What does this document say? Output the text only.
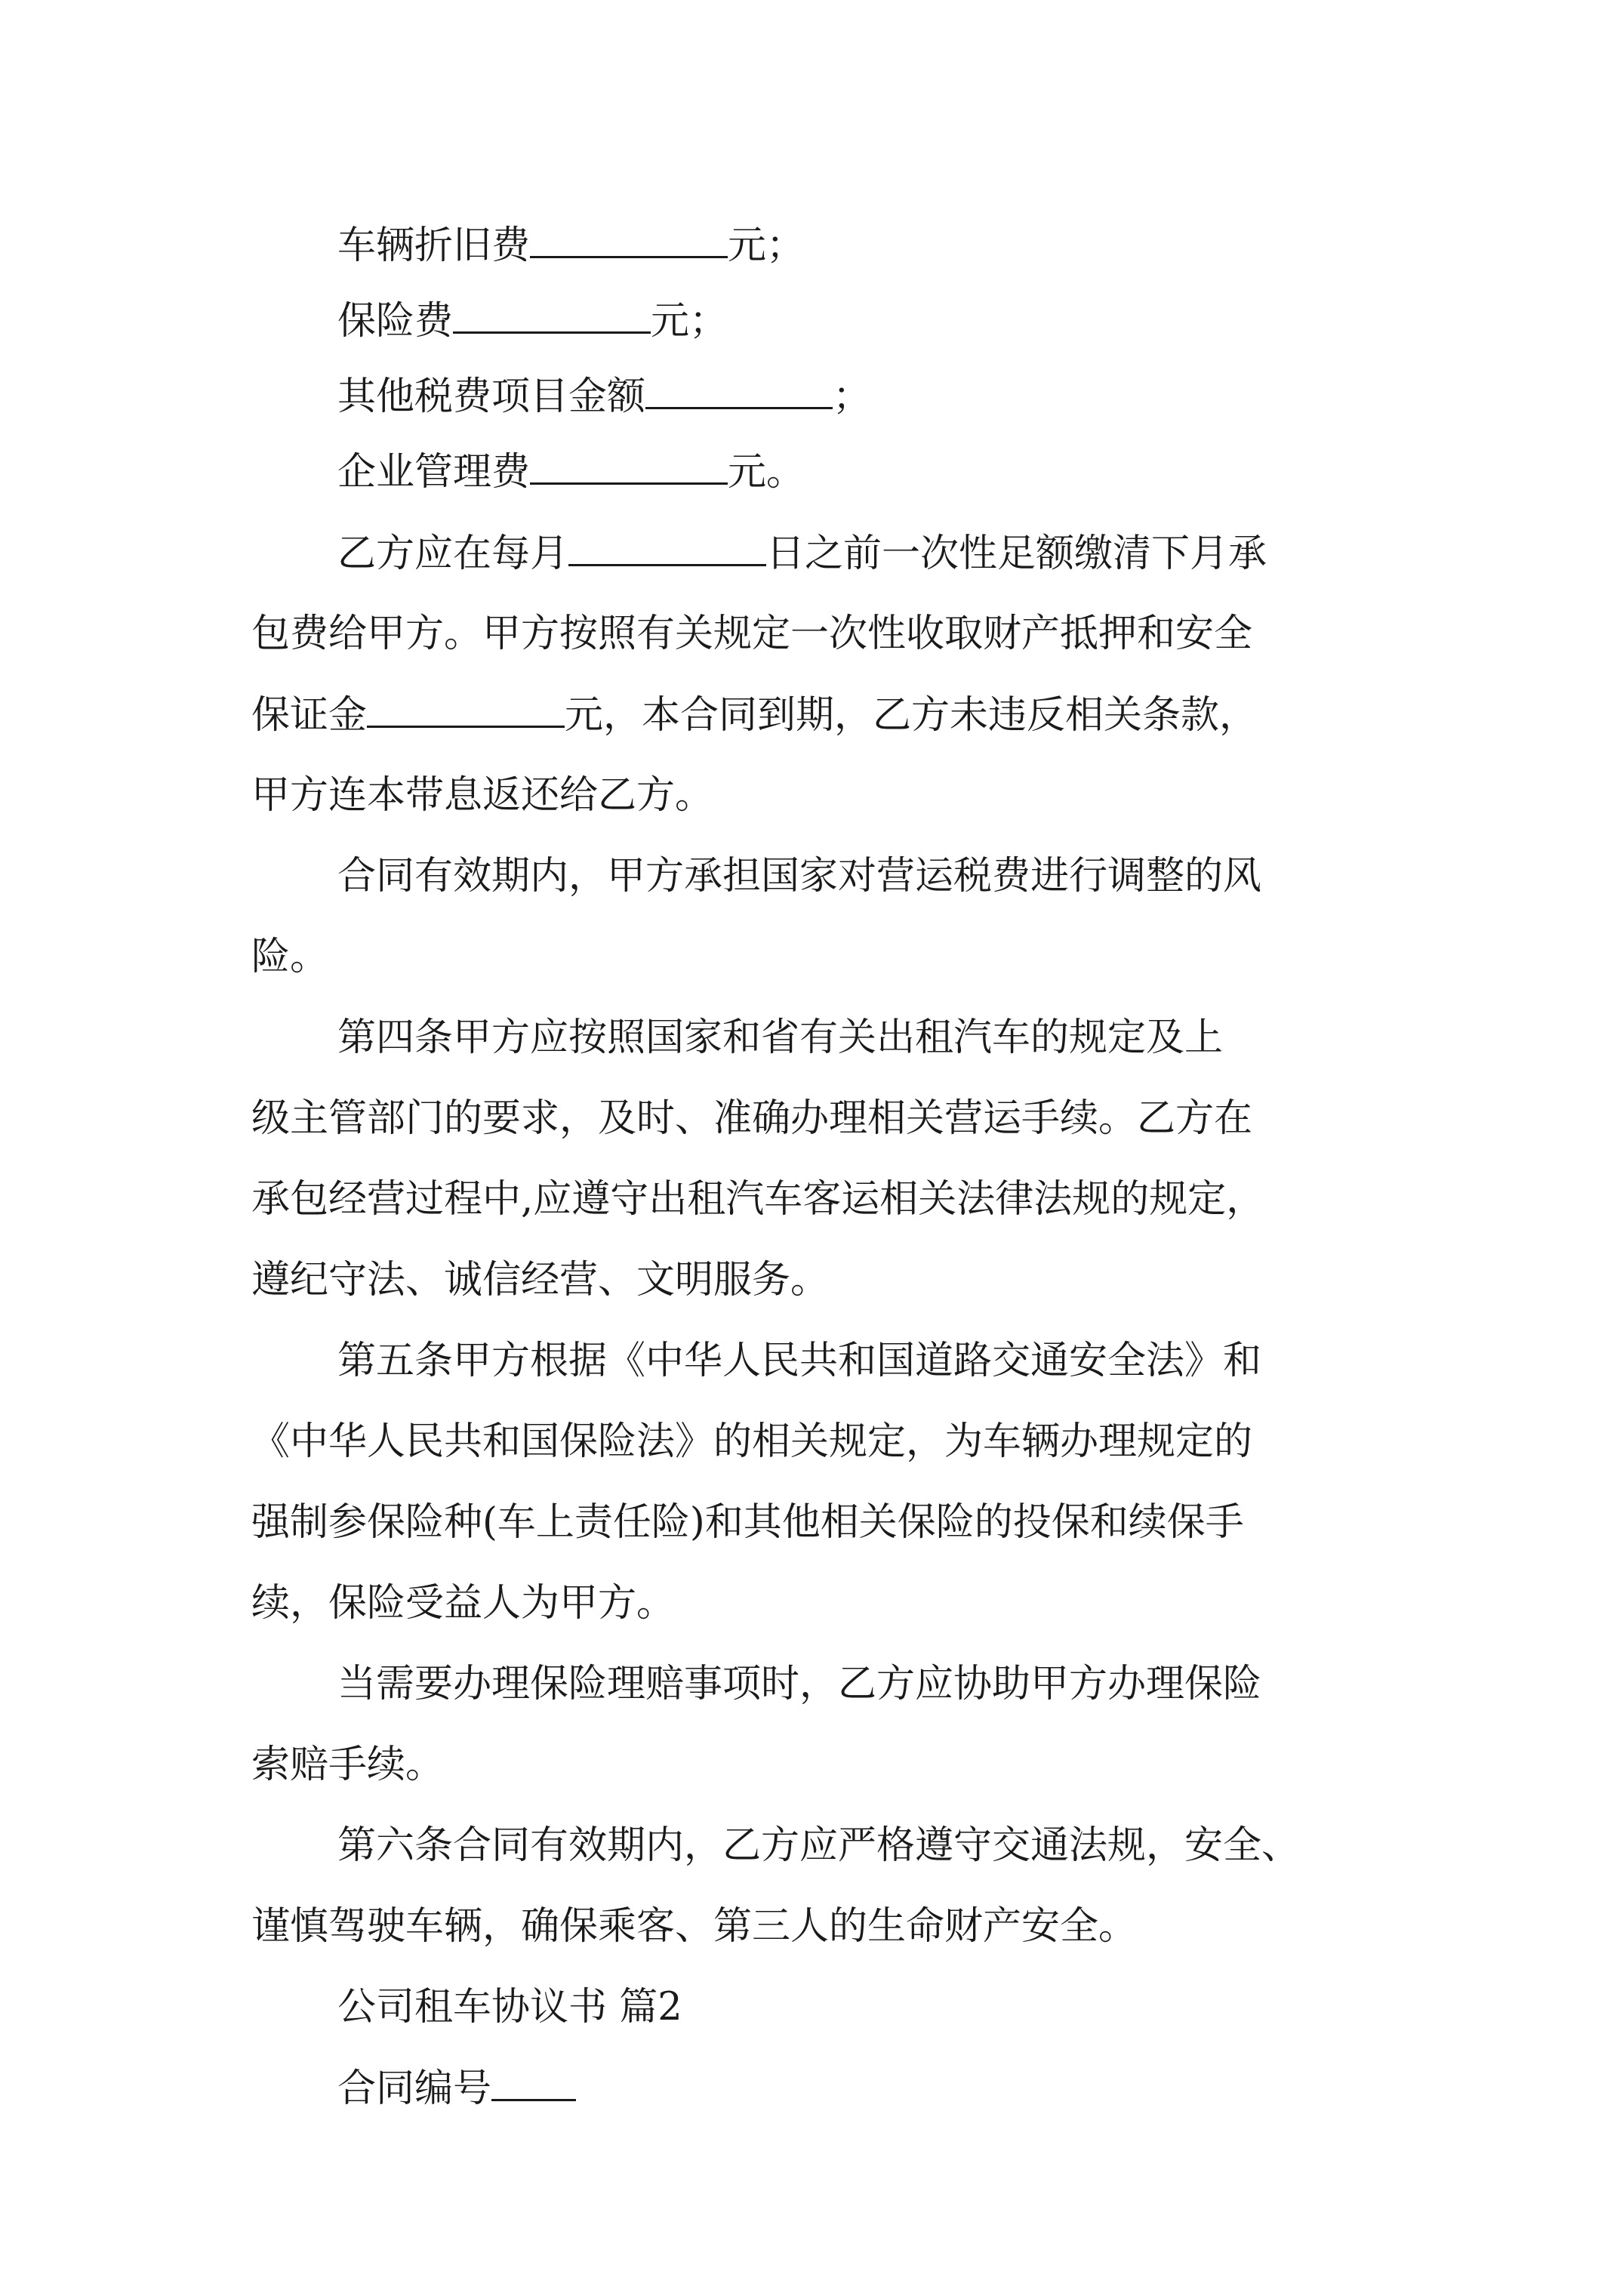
车辆折旧费	元；
保险费	元；
其他税费项目金额	；
企业管理费	元。
乙方应在每月	日之前一次性足额缴清下月承
包费给甲方。甲方按照有关规定一次性收取财产抵押和安全
保证金	元，本合同到期，乙方未违反相关条款，
甲方连本带息返还给乙方。
合同有效期内，甲方承担国家对营运税费进行调整的风
险。
第四条甲方应按照国家和省有关出租汽车的规定及上
级主管部门的要求，及时、准确办理相关营运手续。乙方在
承包经营过程中,应遵守出租汽车客运相关法律法规的规定，
遵纪守法、诚信经营、文明服务。
第五条甲方根据《中华人民共和国道路交通安全法》和
《中华人民共和国保险法》的相关规定，为车辆办理规定的
强制参保险种(车上责任险)和其他相关保险的投保和续保手
续，保险受益人为甲方。
当需要办理保险理赔事项时，乙方应协助甲方办理保险
索赔手续。
第六条合同有效期内，乙方应严格遵守交通法规，安全、
谨慎驾驶车辆，确保乘客、第三人的生命财产安全。
公司租车协议书 篇2
合同编号
